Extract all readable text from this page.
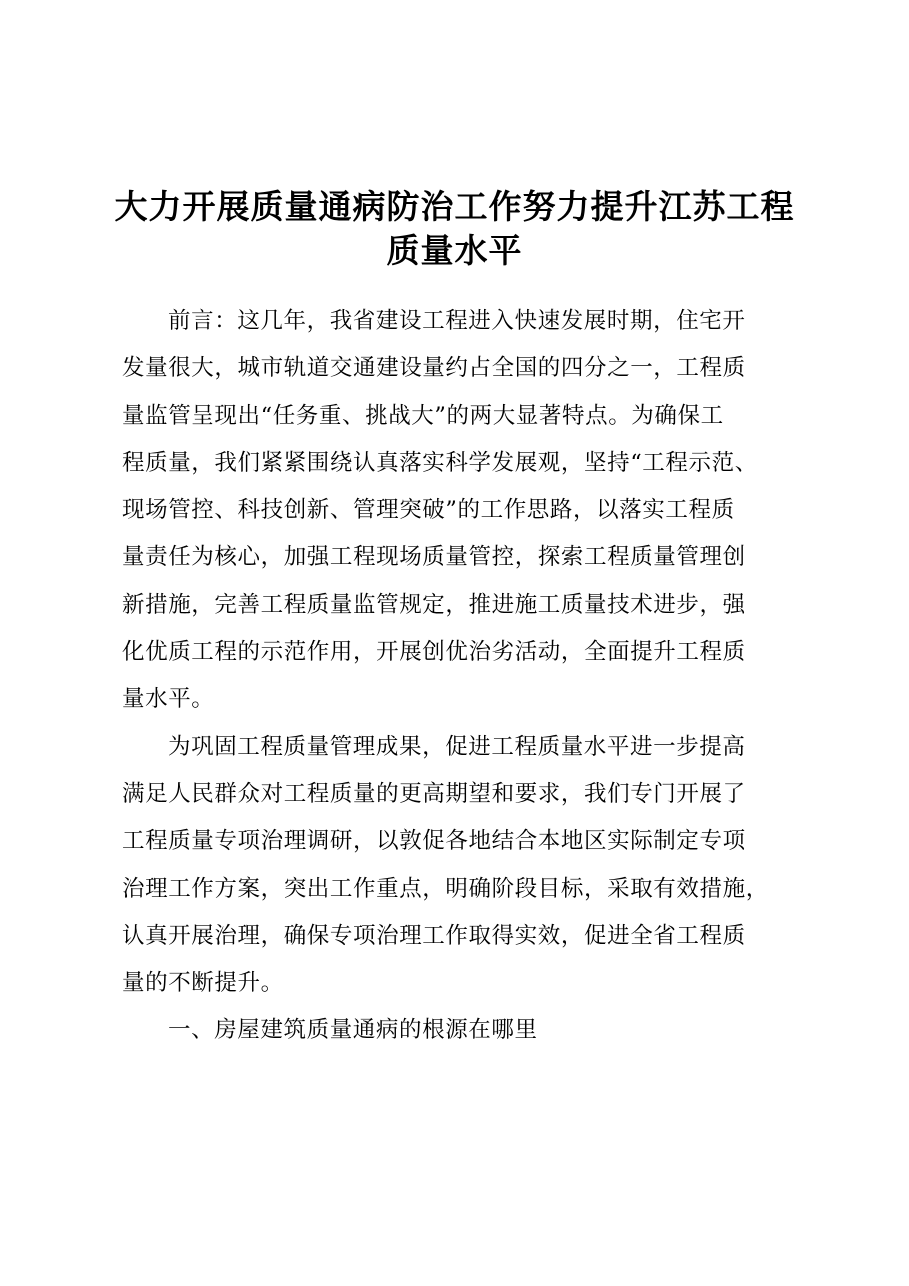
大力开展质量通病防治工作努力提升江苏工程
质量水平
前言：这几年，我省建设工程进入快速发展时期，住宅开
发量很大，城市轨道交通建设量约占全国的四分之一，工程质
量监管呈现出“任务重、挑战大”的两大显著特点。为确保工
程质量，我们紧紧围绕认真落实科学发展观，坚持“工程示范、
现场管控、科技创新、管理突破”的工作思路，以落实工程质
量责任为核心，加强工程现场质量管控，探索工程质量管理创
新措施，完善工程质量监管规定，推进施工质量技术进步，强
化优质工程的示范作用，开展创优治劣活动，全面提升工程质
量水平。
为巩固工程质量管理成果，促进工程质量水平进一步提高
满足人民群众对工程质量的更高期望和要求，我们专门开展了
工程质量专项治理调研，以敦促各地结合本地区实际制定专项
治理工作方案，突出工作重点，明确阶段目标，采取有效措施，
认真开展治理，确保专项治理工作取得实效，促进全省工程质
量的不断提升。
一、房屋建筑质量通病的根源在哪里
